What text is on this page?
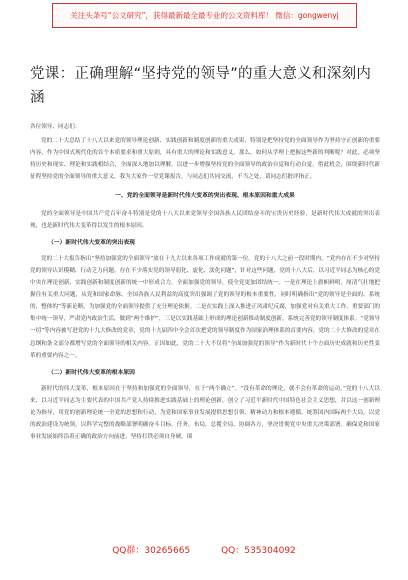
关注头条号“公文研究”，获得最新最全最专业的公文资料库！ 微信：gongwenyj
党课：正确理解“坚持党的领导”的重大意义和深刻内涵

各位领导、同志们：

党的二十大总结了十八大以来党的领导理论创新、实践创新和制度创新的重大成果，特别是把坚持党的全面领导作为坚持守正创新的重要内容，作为中国式现代化的首个本质要求和重大原则，具有重大的理论和实践意义。那么，如何从学理上把握这些新的判断呢？对此，必须坚持历史和现实、理论和实践相结合，全面深入地加以理解。以进一步增强坚持党的全面领导的政治自觉和行动自觉。借此机会，围绕新时代新征程坚持党的全面领导的重大意义，我为大家作一堂党课报告，与同志们共同交流，不当之处，请同志们批评指正。

一、党的全面领导是新时代伟大变革的突出表现、根本原因和重大成果

党的全面领导是中国共产党百年奋斗特别是党的十八大以来党领导全国各族人民团结奋斗的宝贵历史经验，是新时代伟大成就的突出表现，也是新时代伟大变革得以发生的根本原因。

（一）新时代伟大变革的突出表现

党的二十大报告指出“坚持加强党的全面领导”放在十九大以来各项工作成就的第一位。党的十八大之前一段时期内，“党内存在不少对坚持党的领导认识模糊、行动乏力问题，存在不少落实党的领导弱化、虚化、淡化问题”，针对这些问题，党的十八大后，以习近平同志为核心的党中央在理论创新、实践创新和制度创新的统一中形成合力，全面加强党的领导，使全党更加团结统一。一是在理论上旗帜鲜明，厘清气壮地把握住有关重大问题，从党和国家命脉、全国各族人民利益的高度突出强调了党的领导的根本重要性，同时明确指出“党的领导是全面的、系统的、整体的”等新论断，为加强党的全面领导提供了充分理论依据。二是在实践上深入推进正风肃纪反腐，加强党对有关重大工作、重要部门的集中统一领导，严肃党内政治生活，做到“两个维护”，三是以实践基础上形成的理论创新推动制度创新，系统完善党的领导制度体系。“党领导一切”等内容被写进党的十九大修改的党章，党的十九届四中全会首次把党的领导制度作为国家治理体系的首要内容，党的二十大修改的党章在总纲和条文部分都增写党的全面领导的相关内容。正因如此，党的二十大不仅将“全面加强党的领导”作为新时代十个方面历史成就和历史性变革的重要内容之一。

（二）新时代伟大变革的根本原因

新时代的伟大变革，根本原因在于坚持和加强党的全面领导，在于“两个确立”。“没有革命的理论，就不会有革命的运动。”党的十八大以来，以习近平同志为主要代表的中国共产党人持续推进实践基础上的理论创新，创立了习近平新时代中国特色社会主义思想，并以这一创新理论为指导，用党的创新理论统一全党的思想和行动，为党和国家事业发展提供思想引领、精神动力和根本遵循。统筹国内国际两个大局，以党的政治建设为统领，以科学完整的战略部署明确奋斗目标、任务、布局，总揽全局、协调各方，坚决贯彻党中央重大决策部署。确保党和国家事业发展始终沿着正确的政治方向前进。坚持打铁必须自身硬，围

QQ群：30265665	QQ：535304092
